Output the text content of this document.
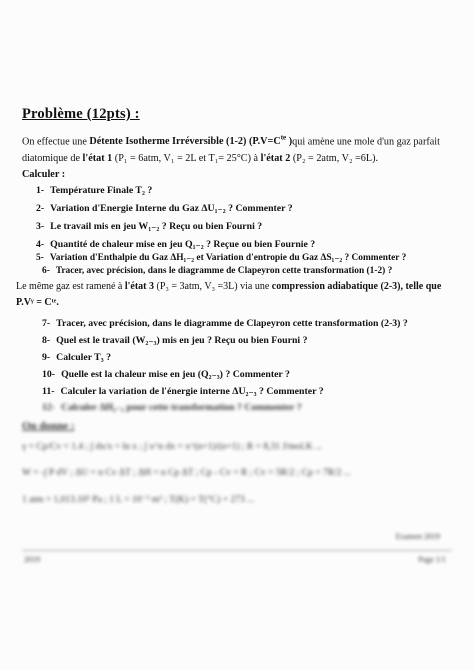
Problème (12pts) :
On effectue une Détente Isotherme Irréversible (1-2) ($P.V=C^{te}$ )qui amène une mole d'un gaz parfait diatomique de l'état 1 (P₁ = 6atm, V₁ = 2L et T₁= 25°C) à l'état 2 (P₂ = 2atm, V₂ =6L).
Calculer :
1- Température Finale T₂ ?
2- Variation d'Energie Interne du Gaz ΔU₁₋₂ ? Commenter ?
3- Le travail mis en jeu W₁₋₂ ? Reçu ou bien Fourni ?
4- Quantité de chaleur mise en jeu Q₁₋₂ ? Reçue ou bien Fournie ?
5- Variation d'Enthalpie du Gaz ΔH₁₋₂ et Variation d'entropie du Gaz ΔS₁₋₂ ? Commenter ?
6- Tracer, avec précision, dans le diagramme de Clapeyron cette transformation (1-2) ?
Le même gaz est ramené à l'état 3 (P₃ = 3atm, V₃ =3L) via une compression adiabatique (2-3), telle que
P.Vᵞ = Cᵗᵉ.
7- Tracer, avec précision, dans le diagramme de Clapeyron cette transformation (2-3) ?
8- Quel est le travail (W₂₋₃) mis en jeu ? Reçu ou bien Fourni ?
9- Calculer T₃ ?
10- Quelle est la chaleur mise en jeu (Q₂₋₃) ? Commenter ?
11- Calculer la variation de l'énergie interne ΔU₂₋₃ ? Commenter ?
12- Calculer ΔH₂₋₃ pour cette transformation ? Commenter ?
On donne :
γ = Cp/Cv = 1.4 ; ∫ dx/x = ln x ; ∫ x^n dx = x^(n+1)/(n+1) ; R = 8,31 J/mol.K ...
W = -∫ P dV ; ΔU = n Cv ΔT ; ΔH = n Cp ΔT ; Cp - Cv = R ; Cv = 5R/2 ; Cp = 7R/2 ...
1 atm = 1,013.10⁵ Pa ; 1 L = 10⁻³ m³ ; T(K) = T(°C) + 273 ...
Examen 2019
2019	Page 1/1
